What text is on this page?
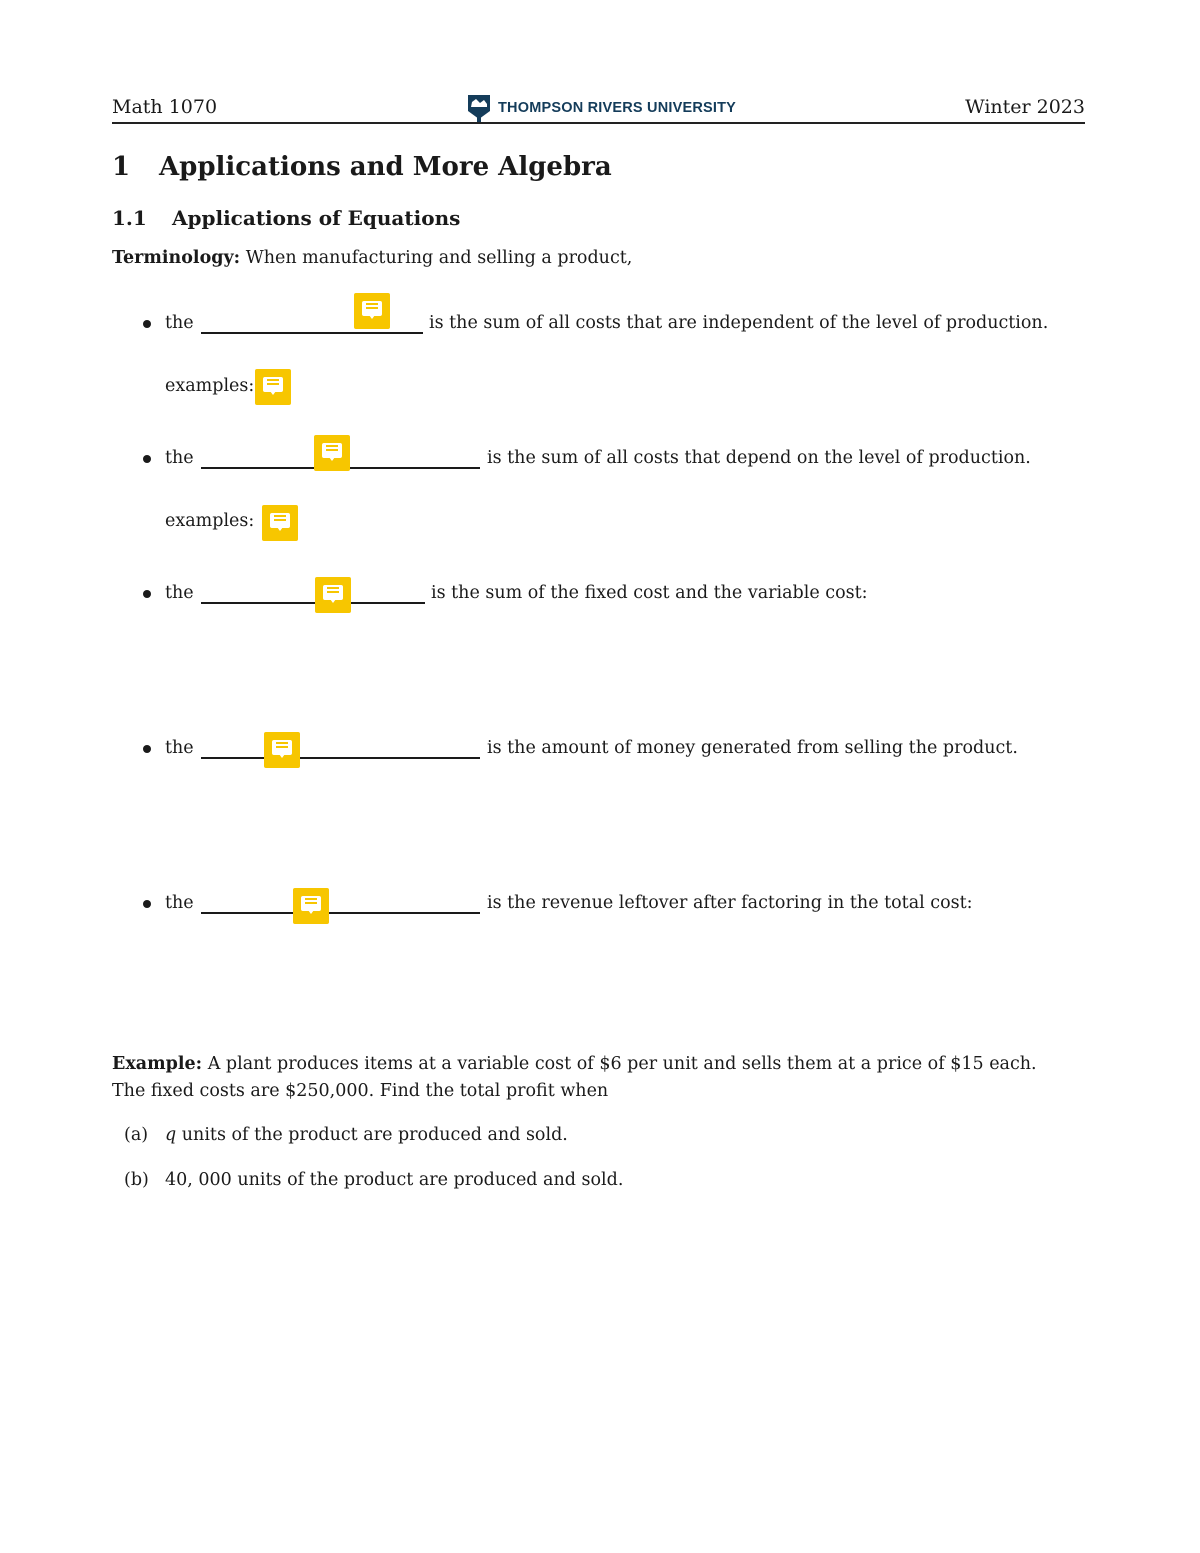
Math 1070	THOMPSON RIVERS UNIVERSITY	Winter 2023
1 Applications and More Algebra
1.1 Applications of Equations
Terminology: When manufacturing and selling a product,
the	is the sum of all costs that are independent of the level of production.
examples:
the	is the sum of all costs that depend on the level of production.
examples:
the	is the sum of the fixed cost and the variable cost:
the	is the amount of money generated from selling the product.
the	is the revenue leftover after factoring in the total cost:
Example: A plant produces items at a variable cost of $6 per unit and sells them at a price of $15 each.
The fixed costs are $250,000. Find the total profit when
(a) q units of the product are produced and sold.
(b) 40, 000 units of the product are produced and sold.
